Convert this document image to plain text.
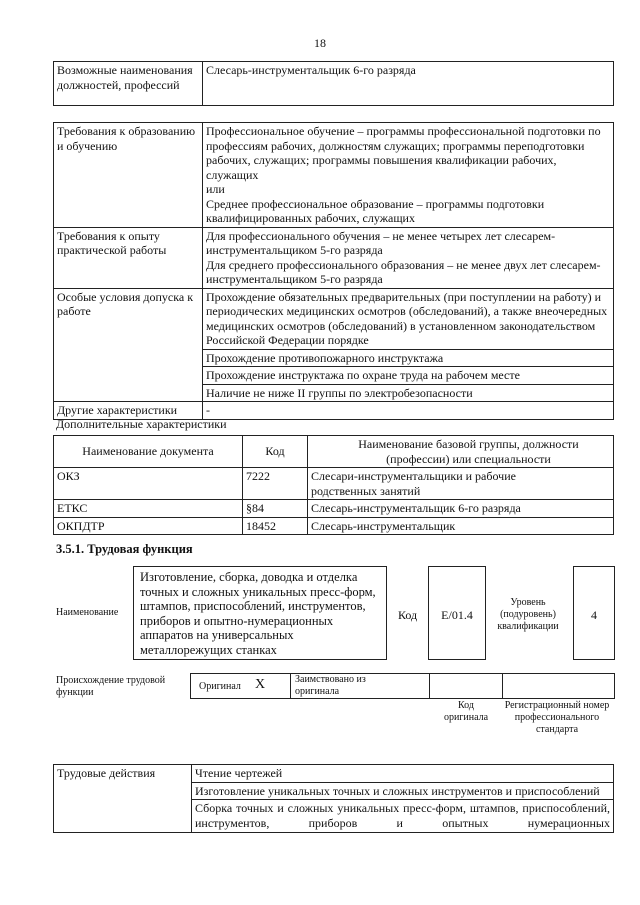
18
Возможные наименования должностей, профессий	Слесарь-инструментальщик 6-го разряда
Требования к образованию и обучению	Профессиональное обучение – программы профессиональной подготовки по профессиям рабочих, должностям служащих; программы переподготовки рабочих, служащих; программы повышения квалификации рабочих, служащих
или
Среднее профессиональное образование – программы подготовки квалифицированных рабочих, служащих

Требования к опыту практической работы	Для профессионального обучения – не менее четырех лет слесарем-инструментальщиком 5-го разряда
Для среднего профессионального образования – не менее двух лет слесарем-инструментальщиком 5-го разряда

Особые условия допуска к работе	Прохождение обязательных предварительных (при поступлении на работу) и периодических медицинских осмотров (обследований), а также внеочередных медицинских осмотров (обследований) в установленном законодательством Российской Федерации порядке
	Прохождение противопожарного инструктажа
	Прохождение инструктажа по охране труда на рабочем месте
	Наличие не ниже II группы по электробезопасности
Другие характеристики	-
Дополнительные характеристики
Наименование документа	Код	Наименование базовой группы, должности (профессии) или специальности
ОКЗ	7222	Слесари-инструментальщики и рабочие родственных занятий
ЕТКС	§84	Слесарь-инструментальщик 6-го разряда
ОКПДТР	18452	Слесарь-инструментальщик
3.5.1. Трудовая функция
Наименование
Изготовление, сборка, доводка и отделка точных и сложных уникальных пресс-форм, штампов, приспособлений, инструментов, приборов и опытно-нумерационных аппаратов на универсальных металлорежущих станках
Код	E/01.4
Уровень (подуровень) квалификации
4
Происхождение трудовой функции
Оригинал X	Заимствовано из оригинала
Код оригинала
Регистрационный номер профессионального стандарта
Трудовые действия	Чтение чертежей
Изготовление уникальных точных и сложных инструментов и приспособлений
Сборка точных и сложных уникальных пресс-форм, штампов, приспособлений, инструментов, приборов и опытных нумерационных
